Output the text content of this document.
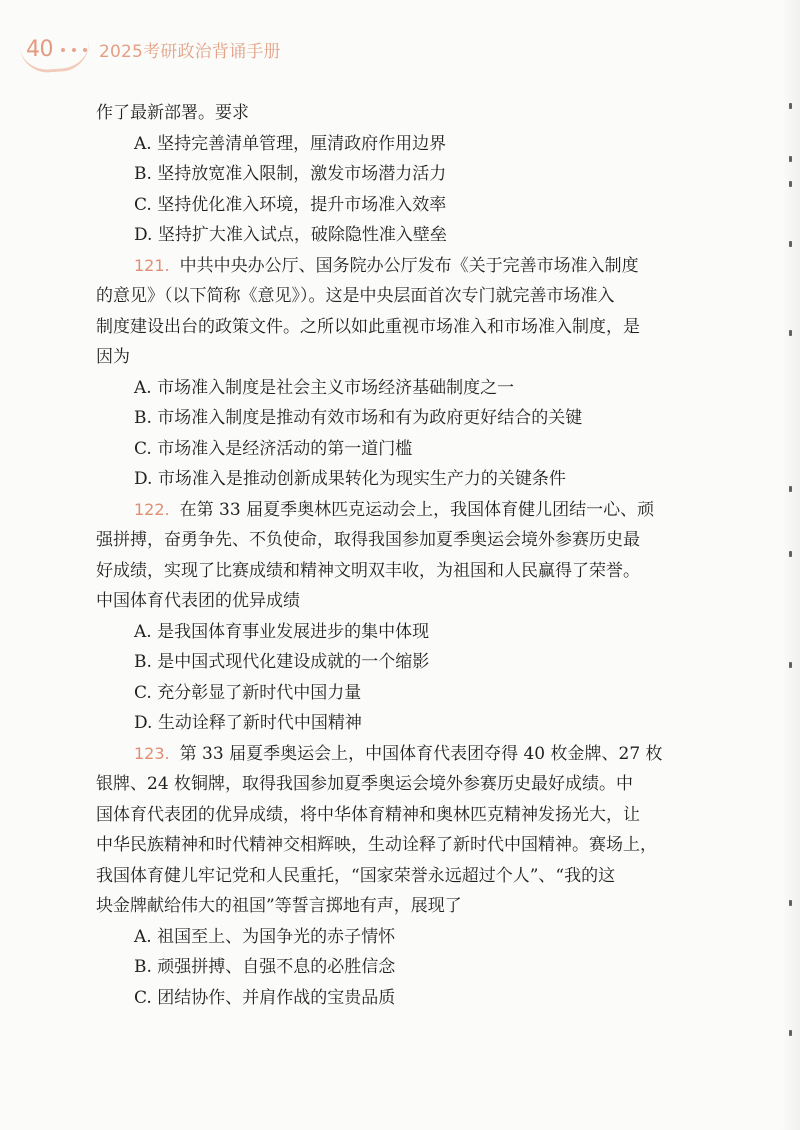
40	2025考研政治背诵手册

作了最新部署。要求

A. 坚持完善清单管理，厘清政府作用边界

B. 坚持放宽准入限制，激发市场潜力活力

C. 坚持优化准入环境，提升市场准入效率

D. 坚持扩大准入试点，破除隐性准入壁垒

121. 中共中央办公厅、国务院办公厅发布《关于完善市场准入制度

的意见》（以下简称《意见》）。这是中央层面首次专门就完善市场准入

制度建设出台的政策文件。之所以如此重视市场准入和市场准入制度，是

因为

A. 市场准入制度是社会主义市场经济基础制度之一

B. 市场准入制度是推动有效市场和有为政府更好结合的关键

C. 市场准入是经济活动的第一道门槛

D. 市场准入是推动创新成果转化为现实生产力的关键条件

122. 在第 33 届夏季奥林匹克运动会上，我国体育健儿团结一心、顽

强拼搏，奋勇争先、不负使命，取得我国参加夏季奥运会境外参赛历史最

好成绩，实现了比赛成绩和精神文明双丰收，为祖国和人民赢得了荣誉。

中国体育代表团的优异成绩

A. 是我国体育事业发展进步的集中体现

B. 是中国式现代化建设成就的一个缩影

C. 充分彰显了新时代中国力量

D. 生动诠释了新时代中国精神

123. 第 33 届夏季奥运会上，中国体育代表团夺得 40 枚金牌、27 枚

银牌、24 枚铜牌，取得我国参加夏季奥运会境外参赛历史最好成绩。中

国体育代表团的优异成绩，将中华体育精神和奥林匹克精神发扬光大，让

中华民族精神和时代精神交相辉映，生动诠释了新时代中国精神。赛场上，

我国体育健儿牢记党和人民重托，“国家荣誉永远超过个人”、“我的这

块金牌献给伟大的祖国”等誓言掷地有声，展现了

A. 祖国至上、为国争光的赤子情怀

B. 顽强拼搏、自强不息的必胜信念

C. 团结协作、并肩作战的宝贵品质
